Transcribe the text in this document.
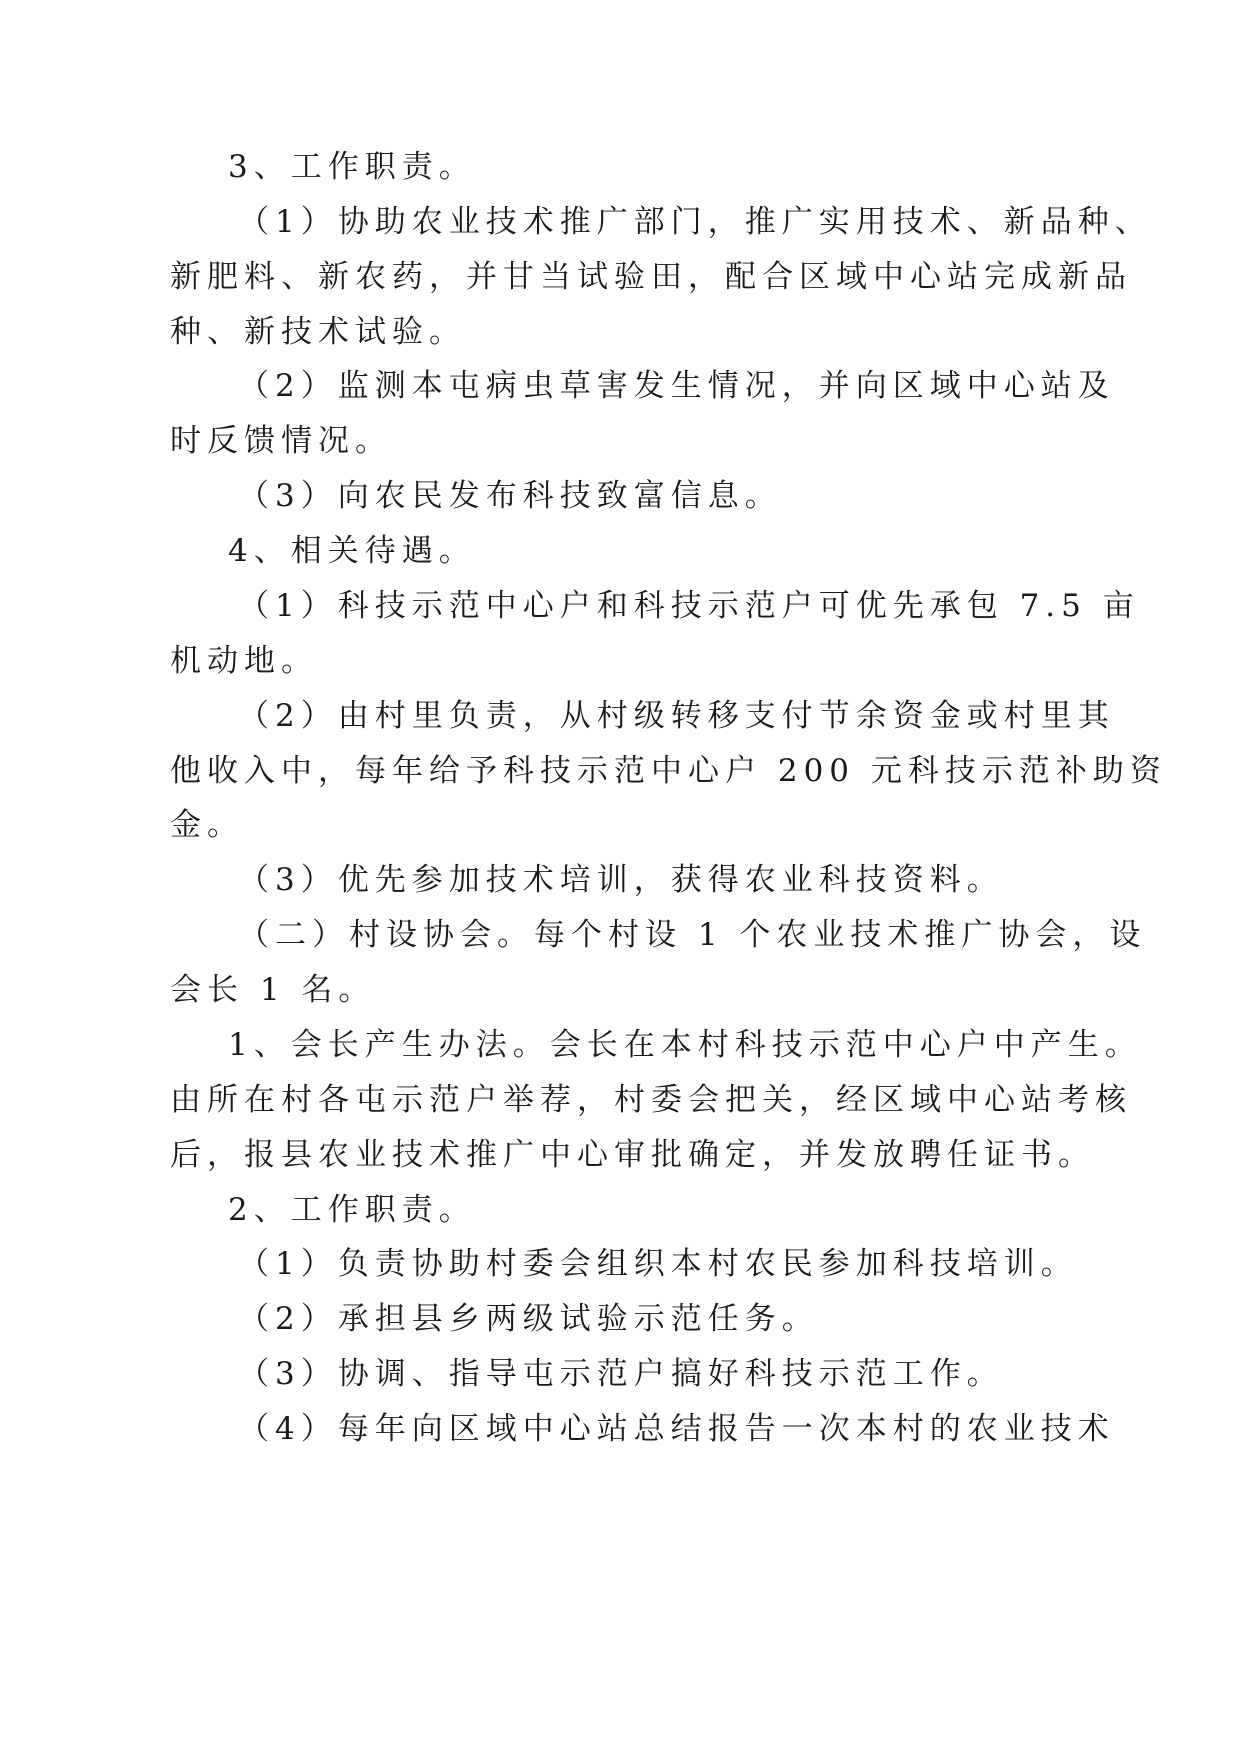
3、工作职责。
（1）协助农业技术推广部门，推广实用技术、新品种、
新肥料、新农药，并甘当试验田，配合区域中心站完成新品
种、新技术试验。
（2）监测本屯病虫草害发生情况，并向区域中心站及
时反馈情况。
（3）向农民发布科技致富信息。
4、相关待遇。
（1）科技示范中心户和科技示范户可优先承包 7.5 亩
机动地。
（2）由村里负责，从村级转移支付节余资金或村里其
他收入中，每年给予科技示范中心户 200 元科技示范补助资
金。
（3）优先参加技术培训，获得农业科技资料。
（二）村设协会。每个村设 1 个农业技术推广协会，设
会长 1 名。
1、会长产生办法。会长在本村科技示范中心户中产生。
由所在村各屯示范户举荐，村委会把关，经区域中心站考核
后，报县农业技术推广中心审批确定，并发放聘任证书。
2、工作职责。
（1）负责协助村委会组织本村农民参加科技培训。
（2）承担县乡两级试验示范任务。
（3）协调、指导屯示范户搞好科技示范工作。
（4）每年向区域中心站总结报告一次本村的农业技术
